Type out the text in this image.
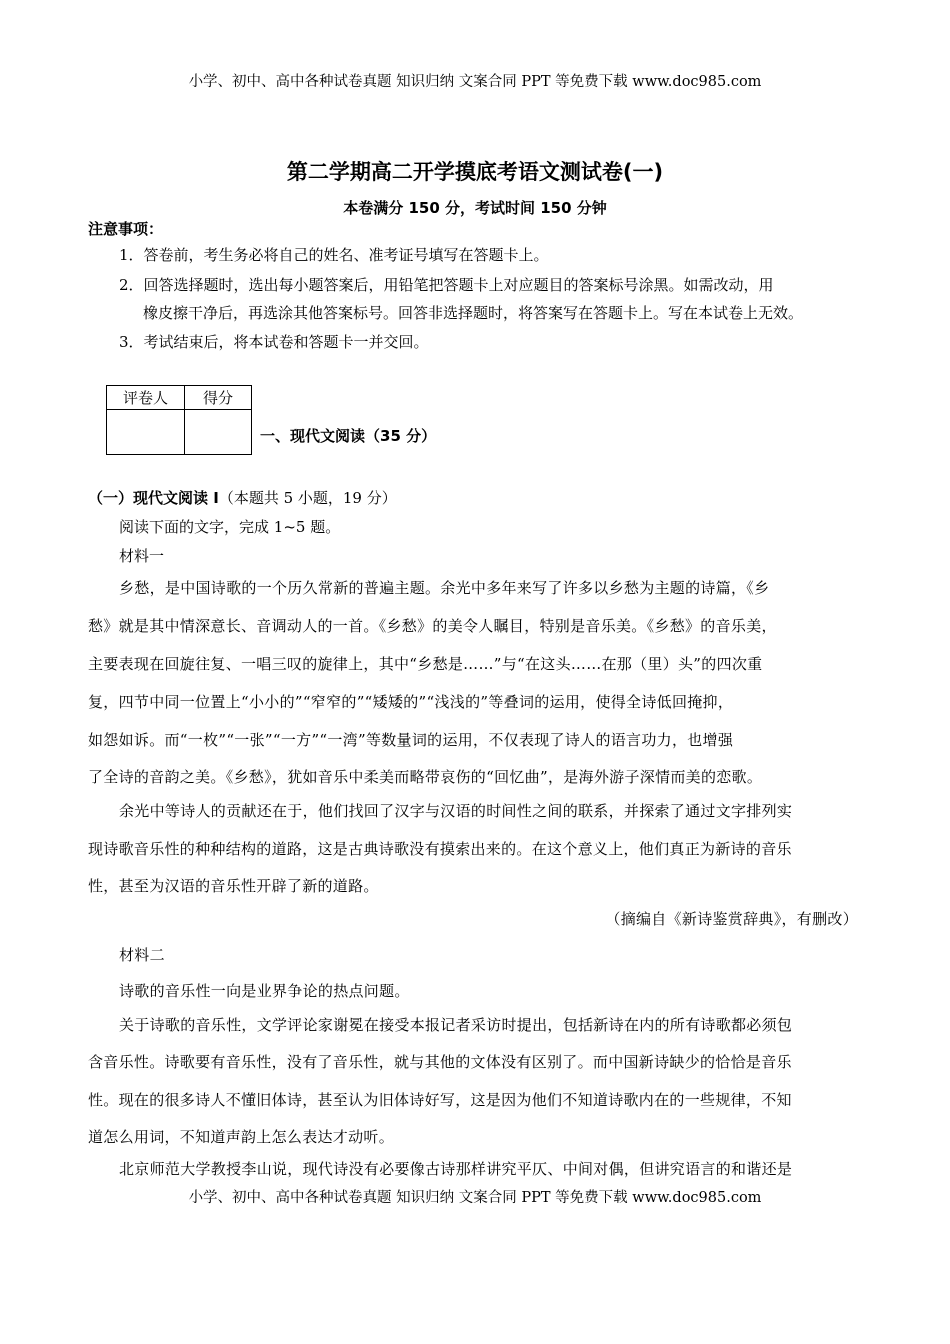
小学、初中、高中各种试卷真题 知识归纳 文案合同 PPT 等免费下载 www.doc985.com
第二学期高二开学摸底考语文测试卷(一)
本卷满分 150 分，考试时间 150 分钟
注意事项：
1．答卷前，考生务必将自己的姓名、准考证号填写在答题卡上。
2．回答选择题时，选出每小题答案后，用铅笔把答题卡上对应题目的答案标号涂黑。如需改动，用
橡皮擦干净后，再选涂其他答案标号。回答非选择题时，将答案写在答题卡上。写在本试卷上无效。
3．考试结束后，将本试卷和答题卡一并交回。
评卷人	得分

一、现代文阅读（35 分）
（一）现代文阅读 I（本题共 5 小题，19 分）
阅读下面的文字，完成 1~5 题。
材料一
乡愁，是中国诗歌的一个历久常新的普遍主题。余光中多年来写了许多以乡愁为主题的诗篇，《乡
愁》就是其中情深意长、音调动人的一首。《乡愁》的美令人瞩目，特别是音乐美。《乡愁》的音乐美，
主要表现在回旋往复、一唱三叹的旋律上，其中“乡愁是……”与“在这头……在那（里）头”的四次重
复，四节中同一位置上“小小的”“窄窄的”“矮矮的”“浅浅的”等叠词的运用，使得全诗低回掩抑，
如怨如诉。而“一枚”“一张”“一方”“一湾”等数量词的运用，不仅表现了诗人的语言功力，也增强
了全诗的音韵之美。《乡愁》，犹如音乐中柔美而略带哀伤的“回忆曲”，是海外游子深情而美的恋歌。
余光中等诗人的贡献还在于，他们找回了汉字与汉语的时间性之间的联系，并探索了通过文字排列实
现诗歌音乐性的种种结构的道路，这是古典诗歌没有摸索出来的。在这个意义上，他们真正为新诗的音乐
性，甚至为汉语的音乐性开辟了新的道路。
（摘编自《新诗鉴赏辞典》，有删改）
材料二
诗歌的音乐性一向是业界争论的热点问题。
关于诗歌的音乐性，文学评论家谢冕在接受本报记者采访时提出，包括新诗在内的所有诗歌都必须包
含音乐性。诗歌要有音乐性，没有了音乐性，就与其他的文体没有区别了。而中国新诗缺少的恰恰是音乐
性。现在的很多诗人不懂旧体诗，甚至认为旧体诗好写，这是因为他们不知道诗歌内在的一些规律，不知
道怎么用词，不知道声韵上怎么表达才动听。
北京师范大学教授李山说，现代诗没有必要像古诗那样讲究平仄、中间对偶，但讲究语言的和谐还是
小学、初中、高中各种试卷真题 知识归纳 文案合同 PPT 等免费下载 www.doc985.com
